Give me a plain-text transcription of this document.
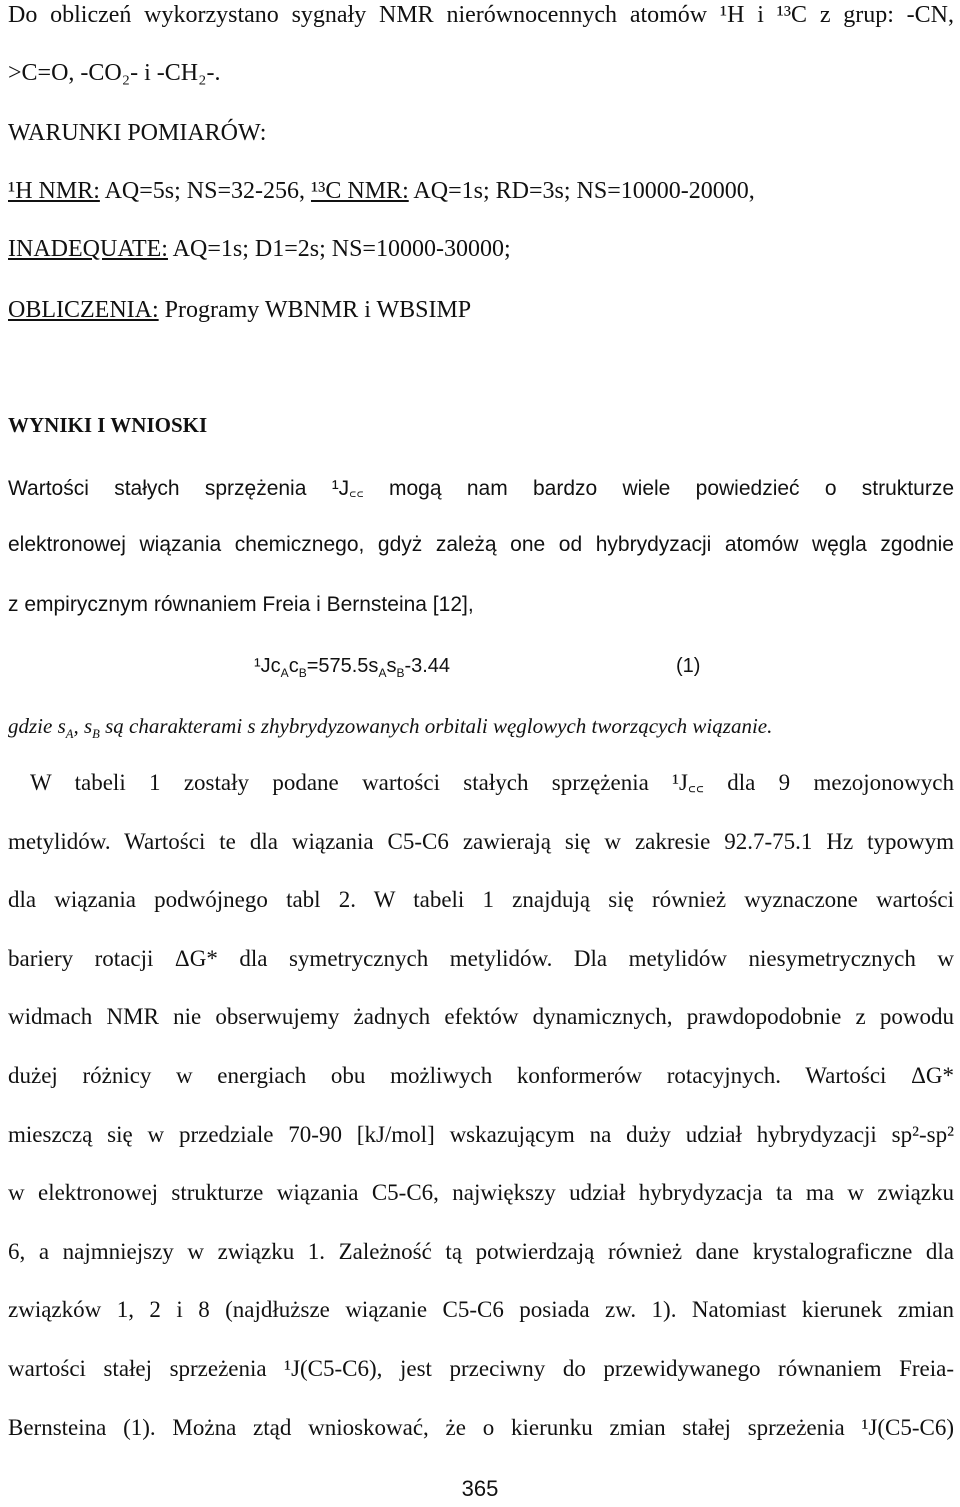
Do obliczeń wykorzystano sygnały NMR nierównocennych atomów ¹H i ¹³C z grup: -CN,
>C=O, -CO₂- i -CH₂-.
WARUNKI POMIARÓW:
¹H NMR: AQ=5s; NS=32-256, ¹³C NMR: AQ=1s; RD=3s; NS=10000-20000,
INADEQUATE: AQ=1s; D1=2s; NS=10000-30000;
OBLICZENIA: Programy WBNMR i WBSIMP
WYNIKI I WNIOSKI
Wartości stałych sprzężenia ¹J꜀꜀ mogą nam bardzo wiele powiedzieć o strukturze
elektronowej wiązania chemicznego, gdyż zależą one od hybrydyzacji atomów węgla zgodnie
z empirycznym równaniem Freia i Bernsteina [12],
$^1Jc_Ac_B=575.5s_As_B-3.44$	(1)
gdzie $s_A$, $s_B$ są charakterami s zhybrydyzowanych orbitali węglowych tworzących wiązanie.
W tabeli 1 zostały podane wartości stałych sprzężenia ¹J꜀꜀ dla 9 mezojonowych
metylidów. Wartości te dla wiązania C5-C6 zawierają się w zakresie 92.7-75.1 Hz typowym
dla wiązania podwójnego tabl 2. W tabeli 1 znajdują się również wyznaczone wartości
bariery rotacji ΔG* dla symetrycznych metylidów. Dla metylidów niesymetrycznych w
widmach NMR nie obserwujemy żadnych efektów dynamicznych, prawdopodobnie z powodu
dużej różnicy w energiach obu możliwych konformerów rotacyjnych. Wartości ΔG*
mieszczą się w przedziale 70-90 [kJ/mol] wskazującym na duży udział hybrydyzacji sp²-sp²
w elektronowej strukturze wiązania C5-C6, największy udział hybrydyzacja ta ma w związku
6, a najmniejszy w związku 1. Zależność tą potwierdzają również dane krystalograficzne dla
związków 1, 2 i 8 (najdłuższe wiązanie C5-C6 posiada zw. 1). Natomiast kierunek zmian
wartości stałej sprzeżenia ¹J(C5-C6), jest przeciwny do przewidywanego równaniem Freia-
Bernsteina (1). Można ztąd wnioskować, że o kierunku zmian stałej sprzeżenia ¹J(C5-C6)
365
